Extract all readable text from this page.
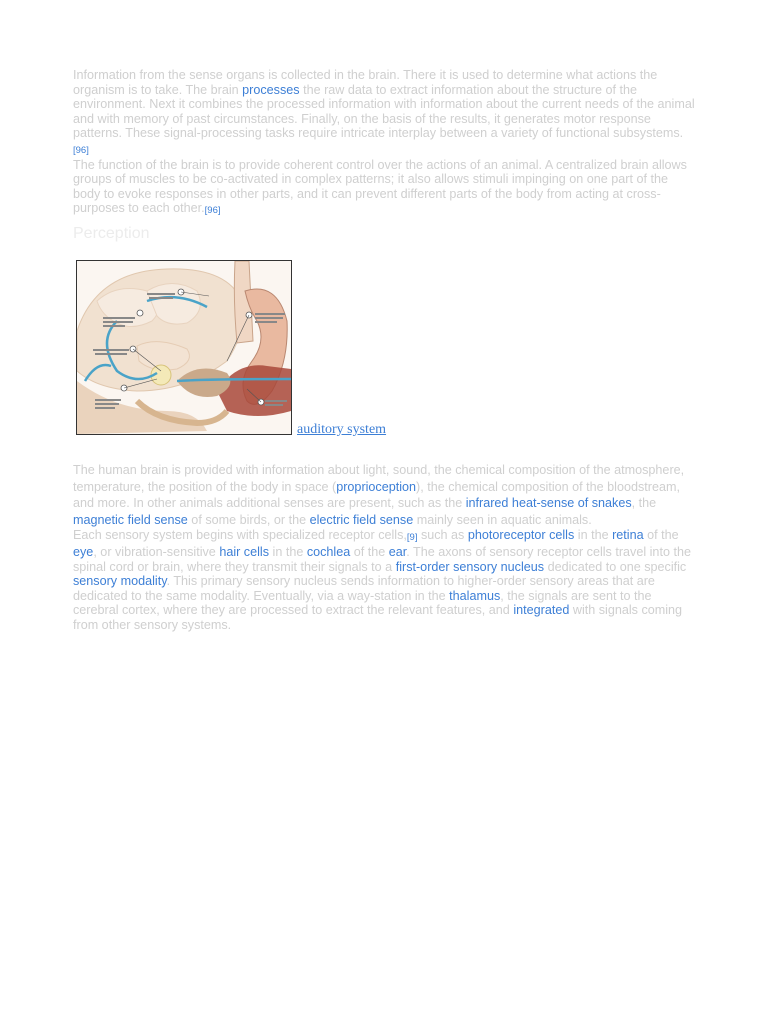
Information from the sense organs is collected in the brain. There it is used to determine what actions the organism is to take. The brain processes the raw data to extract information about the structure of the environment. Next it combines the processed information with information about the current needs of the animal and with memory of past circumstances. Finally, on the basis of the results, it generates motor response patterns. These signal-processing tasks require intricate interplay between a variety of functional subsystems.[96]

The function of the brain is to provide coherent control over the actions of an animal. A centralized brain allows groups of muscles to be co-activated in complex patterns; it also allows stimuli impinging on one part of the body to evoke responses in other parts, and it can prevent different parts of the body from acting at cross-purposes to each other.[96]

Perception
auditory system

The human brain is provided with information about light, sound, the chemical composition of the atmosphere, temperature, the position of the body in space (proprioception), the chemical composition of the bloodstream, and more. In other animals additional senses are present, such as the infrared heat-sense of snakes, the magnetic field sense of some birds, or the electric field sense mainly seen in aquatic animals.

Each sensory system begins with specialized receptor cells,[9] such as photoreceptor cells in the retina of the eye, or vibration-sensitive hair cells in the cochlea of the ear. The axons of sensory receptor cells travel into the spinal cord or brain, where they transmit their signals to a first-order sensory nucleus dedicated to one specific sensory modality. This primary sensory nucleus sends information to higher-order sensory areas that are dedicated to the same modality. Eventually, via a way-station in the thalamus, the signals are sent to the cerebral cortex, where they are processed to extract the relevant features, and integrated with signals coming from other sensory systems.
